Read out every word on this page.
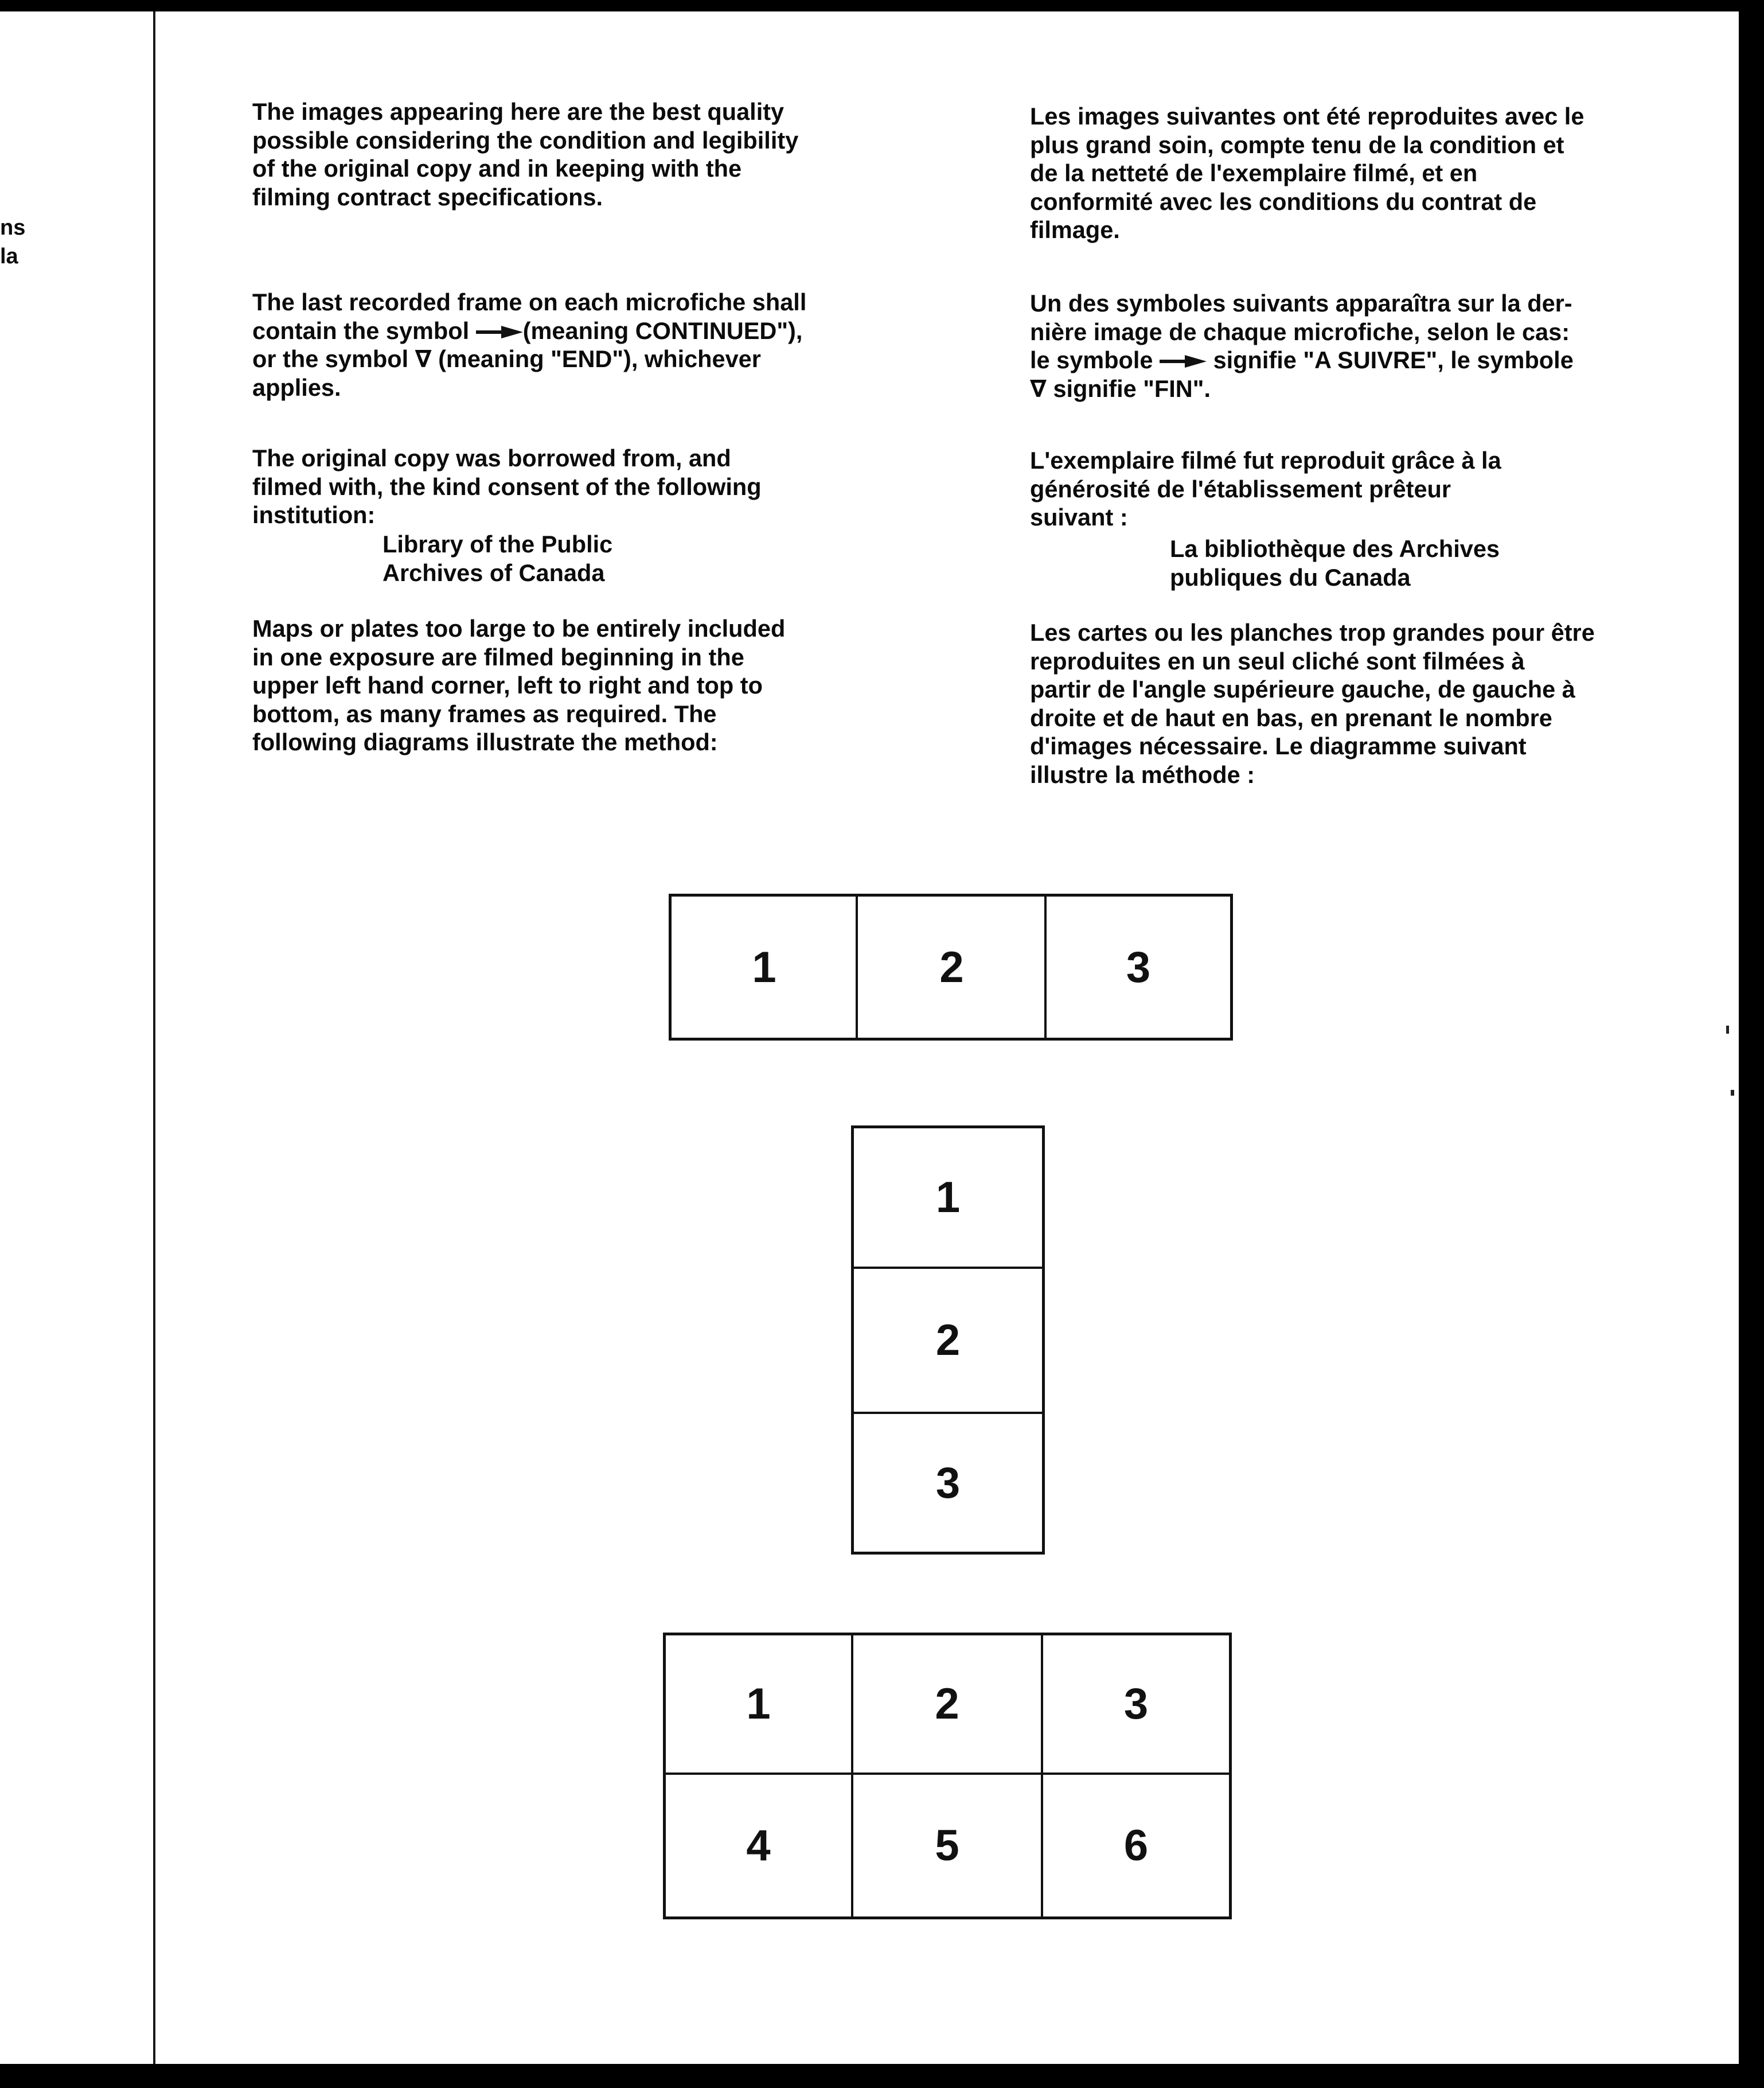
ns
la

The images appearing here are the best quality
possible considering the condition and legibility
of the original copy and in keeping with the
filming contract specifications.

The last recorded frame on each microfiche shall
contain the symbol (meaning CONTINUED"),
or the symbol ∇ (meaning "END"), whichever
applies.

The original copy was borrowed from, and
filmed with, the kind consent of the following
institution:

Library of the Public
Archives of Canada

Maps or plates too large to be entirely included
in one exposure are filmed beginning in the
upper left hand corner, left to right and top to
bottom, as many frames as required. The
following diagrams illustrate the method:

Les images suivantes ont été reproduites avec le
plus grand soin, compte tenu de la condition et
de la netteté de l'exemplaire filmé, et en
conformité avec les conditions du contrat de
filmage.

Un des symboles suivants apparaîtra sur la der-
nière image de chaque microfiche, selon le cas:
le symbole  signifie "A SUIVRE", le symbole
∇ signifie "FIN".

L'exemplaire filmé fut reproduit grâce à la
générosité de l'établissement prêteur
suivant :

La bibliothèque des Archives
publiques du Canada

Les cartes ou les planches trop grandes pour être
reproduites en un seul cliché sont filmées à
partir de l'angle supérieure gauche, de gauche à
droite et de haut en bas, en prenant le nombre
d'images nécessaire. Le diagramme suivant
illustre la méthode :

1	2	3
1
2
3
1	2	3
4	5	6
